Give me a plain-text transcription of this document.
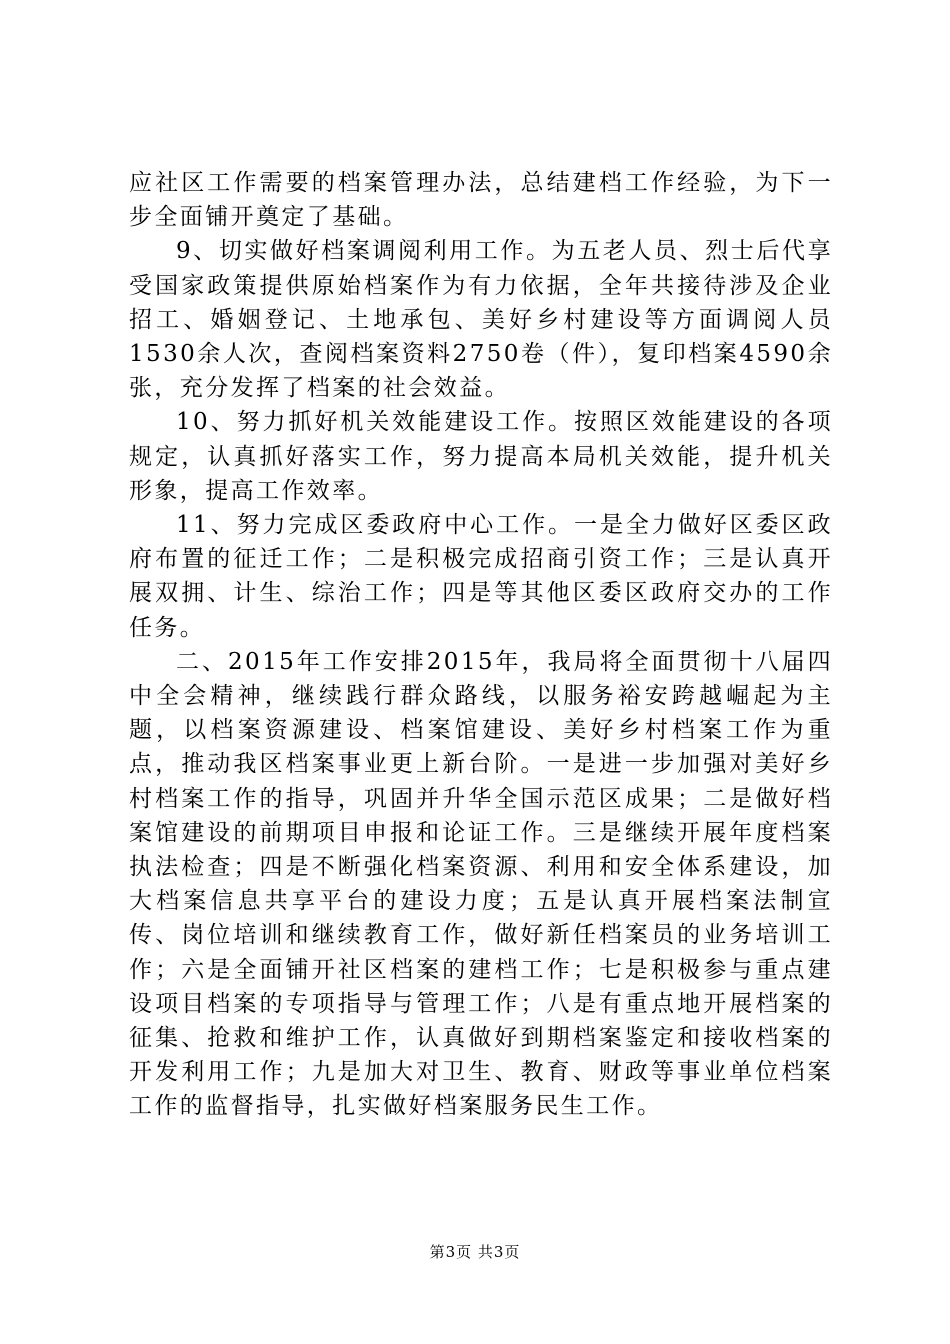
应社区工作需要的档案管理办法，总结建档工作经验，为下一步全面铺开奠定了基础。

9、切实做好档案调阅利用工作。为五老人员、烈士后代享受国家政策提供原始档案作为有力依据，全年共接待涉及企业招工、婚姻登记、土地承包、美好乡村建设等方面调阅人员1530余人次，查阅档案资料2750卷（件），复印档案4590余张，充分发挥了档案的社会效益。

10、努力抓好机关效能建设工作。按照区效能建设的各项规定，认真抓好落实工作，努力提高本局机关效能，提升机关形象，提高工作效率。

11、努力完成区委政府中心工作。一是全力做好区委区政府布置的征迁工作；二是积极完成招商引资工作；三是认真开展双拥、计生、综治工作；四是等其他区委区政府交办的工作任务。

二、2015年工作安排2015年，我局将全面贯彻十八届四中全会精神，继续践行群众路线，以服务裕安跨越崛起为主题，以档案资源建设、档案馆建设、美好乡村档案工作为重点，推动我区档案事业更上新台阶。一是进一步加强对美好乡村档案工作的指导，巩固并升华全国示范区成果；二是做好档案馆建设的前期项目申报和论证工作。三是继续开展年度档案执法检查；四是不断强化档案资源、利用和安全体系建设，加大档案信息共享平台的建设力度；五是认真开展档案法制宣传、岗位培训和继续教育工作，做好新任档案员的业务培训工作；六是全面铺开社区档案的建档工作；七是积极参与重点建设项目档案的专项指导与管理工作；八是有重点地开展档案的征集、抢救和维护工作，认真做好到期档案鉴定和接收档案的开发利用工作；九是加大对卫生、教育、财政等事业单位档案工作的监督指导，扎实做好档案服务民生工作。

第3页 共3页
